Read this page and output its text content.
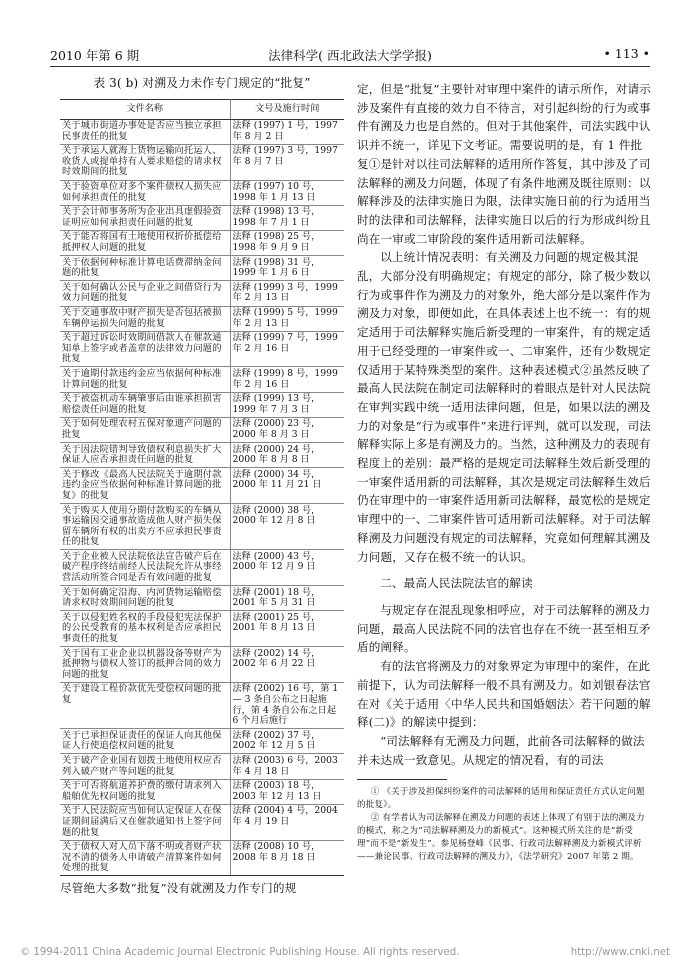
2010 年第 6 期	法律科学( 西北政法大学学报)	• 113 •
表 3( b) 对溯及力未作专门规定的“批复”
文件名称	文号及施行时间
关于城市街道办事处是否应当独立承担民事责任的批复	法释 (1997) 1 号，1997 年 8 月 2 日
关于承运人就海上货物运输向托运人、收货人或提单持有人要求赔偿的请求权时效期间的批复	法释 (1997) 3 号，1997 年 8 月 7 日
关于验资单位对多个案件债权人损失应如何承担责任的批复	法释 (1997) 10 号，1998 年 1 月 13 日
关于会计师事务所为企业出具虚假验资证明应如何承担责任问题的批复	法释 (1998) 13 号，1998 年 7 月 1 日
关于能否将国有土地使用权折价抵偿给抵押权人问题的批复	法释 (1998) 25 号，1998 年 9 月 9 日
关于依据何种标准计算电话费滞纳金问题的批复	法释 (1998) 31 号，1999 年 1 月 6 日
关于如何确认公民与企业之间借贷行为效力问题的批复	法释 (1999) 3 号，1999 年 2 月 13 日
关于交通事故中财产损失是否包括被损车辆停运损失问题的批复	法释 (1999) 5 号，1999 年 2 月 13 日
关于超过诉讼时效期间借款人在催款通知单上签字或者盖章的法律效力问题的批复	法释 (1999) 7 号，1999 年 2 月 16 日
关于逾期付款违约金应当依据何种标准计算问题的批复	法释 (1999) 8 号，1999 年 2 月 16 日
关于被盗机动车辆肇事后由谁承担损害赔偿责任问题的批复	法释 (1999) 13 号，1999 年 7 月 3 日
关于如何处理农村五保对象遗产问题的批复	法释 (2000) 23 号，2000 年 8 月 3 日
关于因法院错判导致债权利息损失扩大保证人应否承担责任问题的批复	法释 (2000) 24 号，2000 年 8 月 8 日
关于修改《最高人民法院关于逾期付款违约金应当依据何种标准计算问题的批复》的批复	法释 (2000) 34 号，2000 年 11 月 21 日
关于购买人使用分期付款购买的车辆从事运输因交通事故造成他人财产损失保留车辆所有权的出卖方不应承担民事责任的批复	法释 (2000) 38 号，2000 年 12 月 8 日
关于企业被人民法院依法宣告破产后在破产程序终结前经人民法院允许从事经营活动所签合同是否有效问题的批复	法释 (2000) 43 号，2000 年 12 月 9 日
关于如何确定沿海、内河货物运输赔偿请求权时效期间问题的批复	法释 (2001) 18 号，2001 年 5 月 31 日
关于以侵犯姓名权的手段侵犯宪法保护的公民受教育的基本权利是否应承担民事责任的批复	法释 (2001) 25 号，2001 年 8 月 13 日
关于国有工业企业以机器设备等财产为抵押物与债权人签订的抵押合同的效力问题的批复	法释 (2002) 14 号，2002 年 6 月 22 日
关于建设工程价款优先受偿权问题的批复	法释 (2002) 16 号，第 1 — 3 条自公布之日起施行，第 4 条自公布之日起 6 个月后施行
关于已承担保证责任的保证人向其他保证人行使追偿权问题的批复	法释 (2002) 37 号，2002 年 12 月 5 日
关于破产企业国有划拨土地使用权应否列入破产财产等问题的批复	法释 (2003) 6 号，2003 年 4 月 18 日
关于可否将航道养护费的缴付请求列入船舶优先权问题的批复	法释 (2003) 18 号，2003 年 12 月 13 日
关于人民法院应当如何认定保证人在保证期间届满后又在催款通知书上签字问题的批复	法释 (2004) 4 号，2004 年 4 月 19 日
关于债权人对人员下落不明或者财产状况不清的债务人申请破产清算案件如何处理的批复	法释 (2008) 10 号，2008 年 8 月 18 日
尽管绝大多数“批复”没有就溯及力作专门的规

定，但是“批复”主要针对审理中案件的请示所作，对请示涉及案件有直接的效力自不待言，对引起纠纷的行为或事件有溯及力也是自然的。但对于其他案件，司法实践中认识并不统一，详见下文考证。需要说明的是，有 1 件批复①是针对以往司法解释的适用所作答复，其中涉及了司法解释的溯及力问题，体现了有条件地溯及既往原则：以解释涉及的法律实施日为限，法律实施日前的行为适用当时的法律和司法解释，法律实施日以后的行为形成纠纷且尚在一审或二审阶段的案件适用新司法解释。

以上统计情况表明：有关溯及力问题的规定极其混乱，大部分没有明确规定；有规定的部分，除了极少数以行为或事件作为溯及力的对象外，绝大部分是以案件作为溯及力对象，即便如此，在具体表述上也不统一：有的规定适用于司法解释实施后新受理的一审案件，有的规定适用于已经受理的一审案件或一、二审案件，还有少数规定仅适用于某特殊类型的案件。这种表述模式②虽然反映了最高人民法院在制定司法解释时的着眼点是针对人民法院在审判实践中统一适用法律问题，但是，如果以法的溯及力的对象是“行为或事件”来进行评判，就可以发现，司法解释实际上多是有溯及力的。当然，这种溯及力的表现有程度上的差别：最严格的是规定司法解释生效后新受理的一审案件适用新的司法解释，其次是规定司法解释生效后仍在审理中的一审案件适用新司法解释，最宽松的是规定审理中的一、二审案件皆可适用新司法解释。对于司法解释溯及力问题没有规定的司法解释，究竟如何理解其溯及力问题，又存在极不统一的认识。

二、最高人民法院法官的解读

与规定存在混乱现象相呼应，对于司法解释的溯及力问题，最高人民法院不同的法官也存在不统一甚至相互矛盾的阐释。

有的法官将溯及力的对象界定为审理中的案件，在此前提下，认为司法解释一般不具有溯及力。如刘银春法官在对《关于适用〈中华人民共和国婚姻法〉若干问题的解释(二)》的解读中提到：

“司法解释有无溯及力问题，此前各司法解释的做法并未达成一致意见。从规定的情况看，有的司法

① 《关于涉及担保纠纷案件的司法解释的适用和保证责任方式认定问题的批复》。

② 有学者认为司法解释在溯及力问题的表述上体现了有别于法的溯及力的模式，称之为“司法解释溯及力的新模式”。这种模式所关注的是“新受理”而不是“新发生”。参见杨登峰《民事、行政司法解释溯及力新模式评析——兼论民事、行政司法解释的溯及力》，《法学研究》2007 年第 2 期。

© 1994-2011 China Academic Journal Electronic Publishing House. All rights reserved.	http://www.cnki.net
